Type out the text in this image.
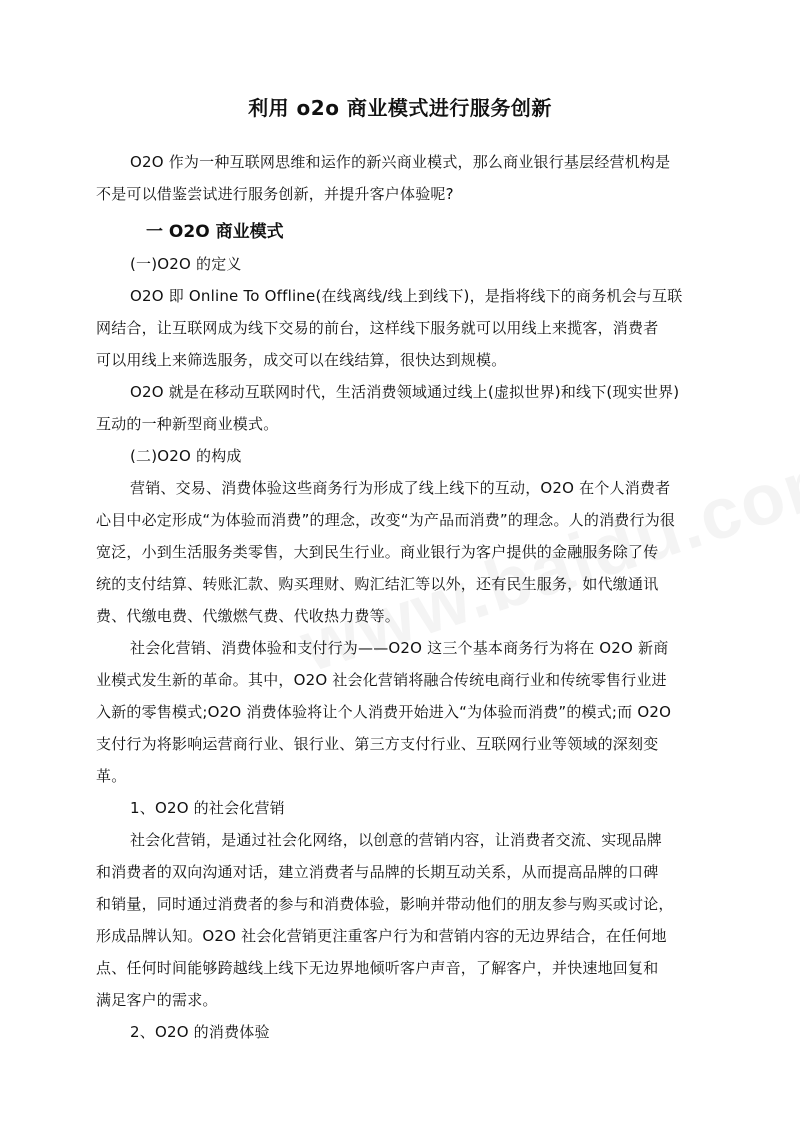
利用 o2o 商业模式进行服务创新
O2O 作为一种互联网思维和运作的新兴商业模式，那么商业银行基层经营机构是
不是可以借鉴尝试进行服务创新，并提升客户体验呢?
一 O2O 商业模式
(一)O2O 的定义
O2O 即 Online To Offline(在线离线/线上到线下)，是指将线下的商务机会与互联
网结合，让互联网成为线下交易的前台，这样线下服务就可以用线上来揽客，消费者
可以用线上来筛选服务，成交可以在线结算，很快达到规模。
O2O 就是在移动互联网时代，生活消费领域通过线上(虚拟世界)和线下(现实世界)
互动的一种新型商业模式。
(二)O2O 的构成
营销、交易、消费体验这些商务行为形成了线上线下的互动，O2O 在个人消费者
心目中必定形成“为体验而消费”的理念，改变“为产品而消费”的理念。人的消费行为很
宽泛，小到生活服务类零售，大到民生行业。商业银行为客户提供的金融服务除了传
统的支付结算、转账汇款、购买理财、购汇结汇等以外，还有民生服务，如代缴通讯
费、代缴电费、代缴燃气费、代收热力费等。
社会化营销、消费体验和支付行为——O2O 这三个基本商务行为将在 O2O 新商
业模式发生新的革命。其中，O2O 社会化营销将融合传统电商行业和传统零售行业进
入新的零售模式;O2O 消费体验将让个人消费开始进入“为体验而消费”的模式;而 O2O
支付行为将影响运营商行业、银行业、第三方支付行业、互联网行业等领域的深刻变
革。
1、O2O 的社会化营销
社会化营销，是通过社会化网络，以创意的营销内容，让消费者交流、实现品牌
和消费者的双向沟通对话，建立消费者与品牌的长期互动关系，从而提高品牌的口碑
和销量，同时通过消费者的参与和消费体验，影响并带动他们的朋友参与购买或讨论，
形成品牌认知。O2O 社会化营销更注重客户行为和营销内容的无边界结合，在任何地
点、任何时间能够跨越线上线下无边界地倾听客户声音，了解客户，并快速地回复和
满足客户的需求。
2、O2O 的消费体验
